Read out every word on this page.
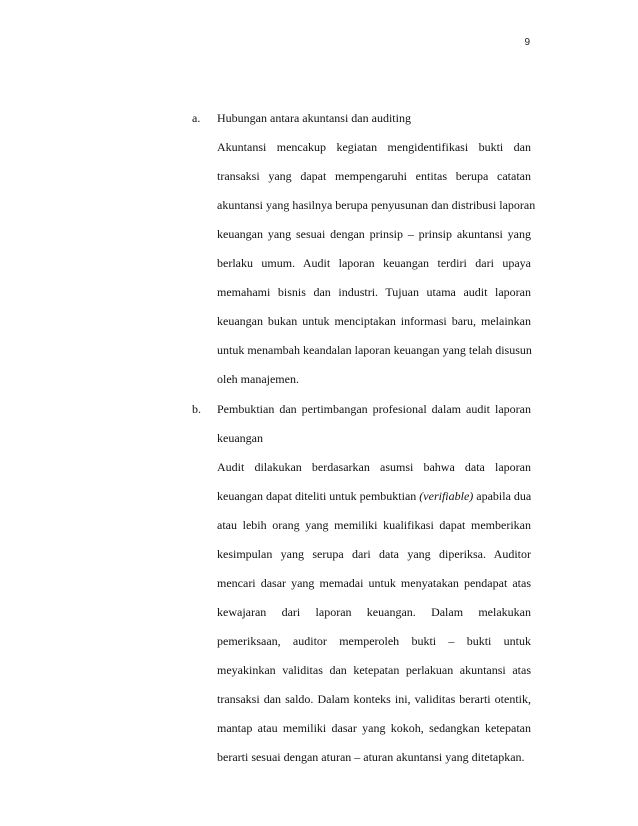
9
a.	Hubungan antara akuntansi dan auditing
Akuntansi mencakup kegiatan mengidentifikasi bukti dan
transaksi yang dapat mempengaruhi entitas berupa catatan
akuntansi yang hasilnya berupa penyusunan dan distribusi laporan
keuangan yang sesuai dengan prinsip – prinsip akuntansi yang
berlaku umum. Audit laporan keuangan terdiri dari upaya
memahami bisnis dan industri. Tujuan utama audit laporan
keuangan bukan untuk menciptakan informasi baru, melainkan
untuk menambah keandalan laporan keuangan yang telah disusun
oleh manajemen.
b.	Pembuktian dan pertimbangan profesional dalam audit laporan
keuangan
Audit dilakukan berdasarkan asumsi bahwa data laporan
keuangan dapat diteliti untuk pembuktian (verifiable) apabila dua
atau lebih orang yang memiliki kualifikasi dapat memberikan
kesimpulan yang serupa dari data yang diperiksa. Auditor
mencari dasar yang memadai untuk menyatakan pendapat atas
kewajaran dari laporan keuangan. Dalam melakukan
pemeriksaan, auditor memperoleh bukti – bukti untuk
meyakinkan validitas dan ketepatan perlakuan akuntansi atas
transaksi dan saldo. Dalam konteks ini, validitas berarti otentik,
mantap atau memiliki dasar yang kokoh, sedangkan ketepatan
berarti sesuai dengan aturan – aturan akuntansi yang ditetapkan.
